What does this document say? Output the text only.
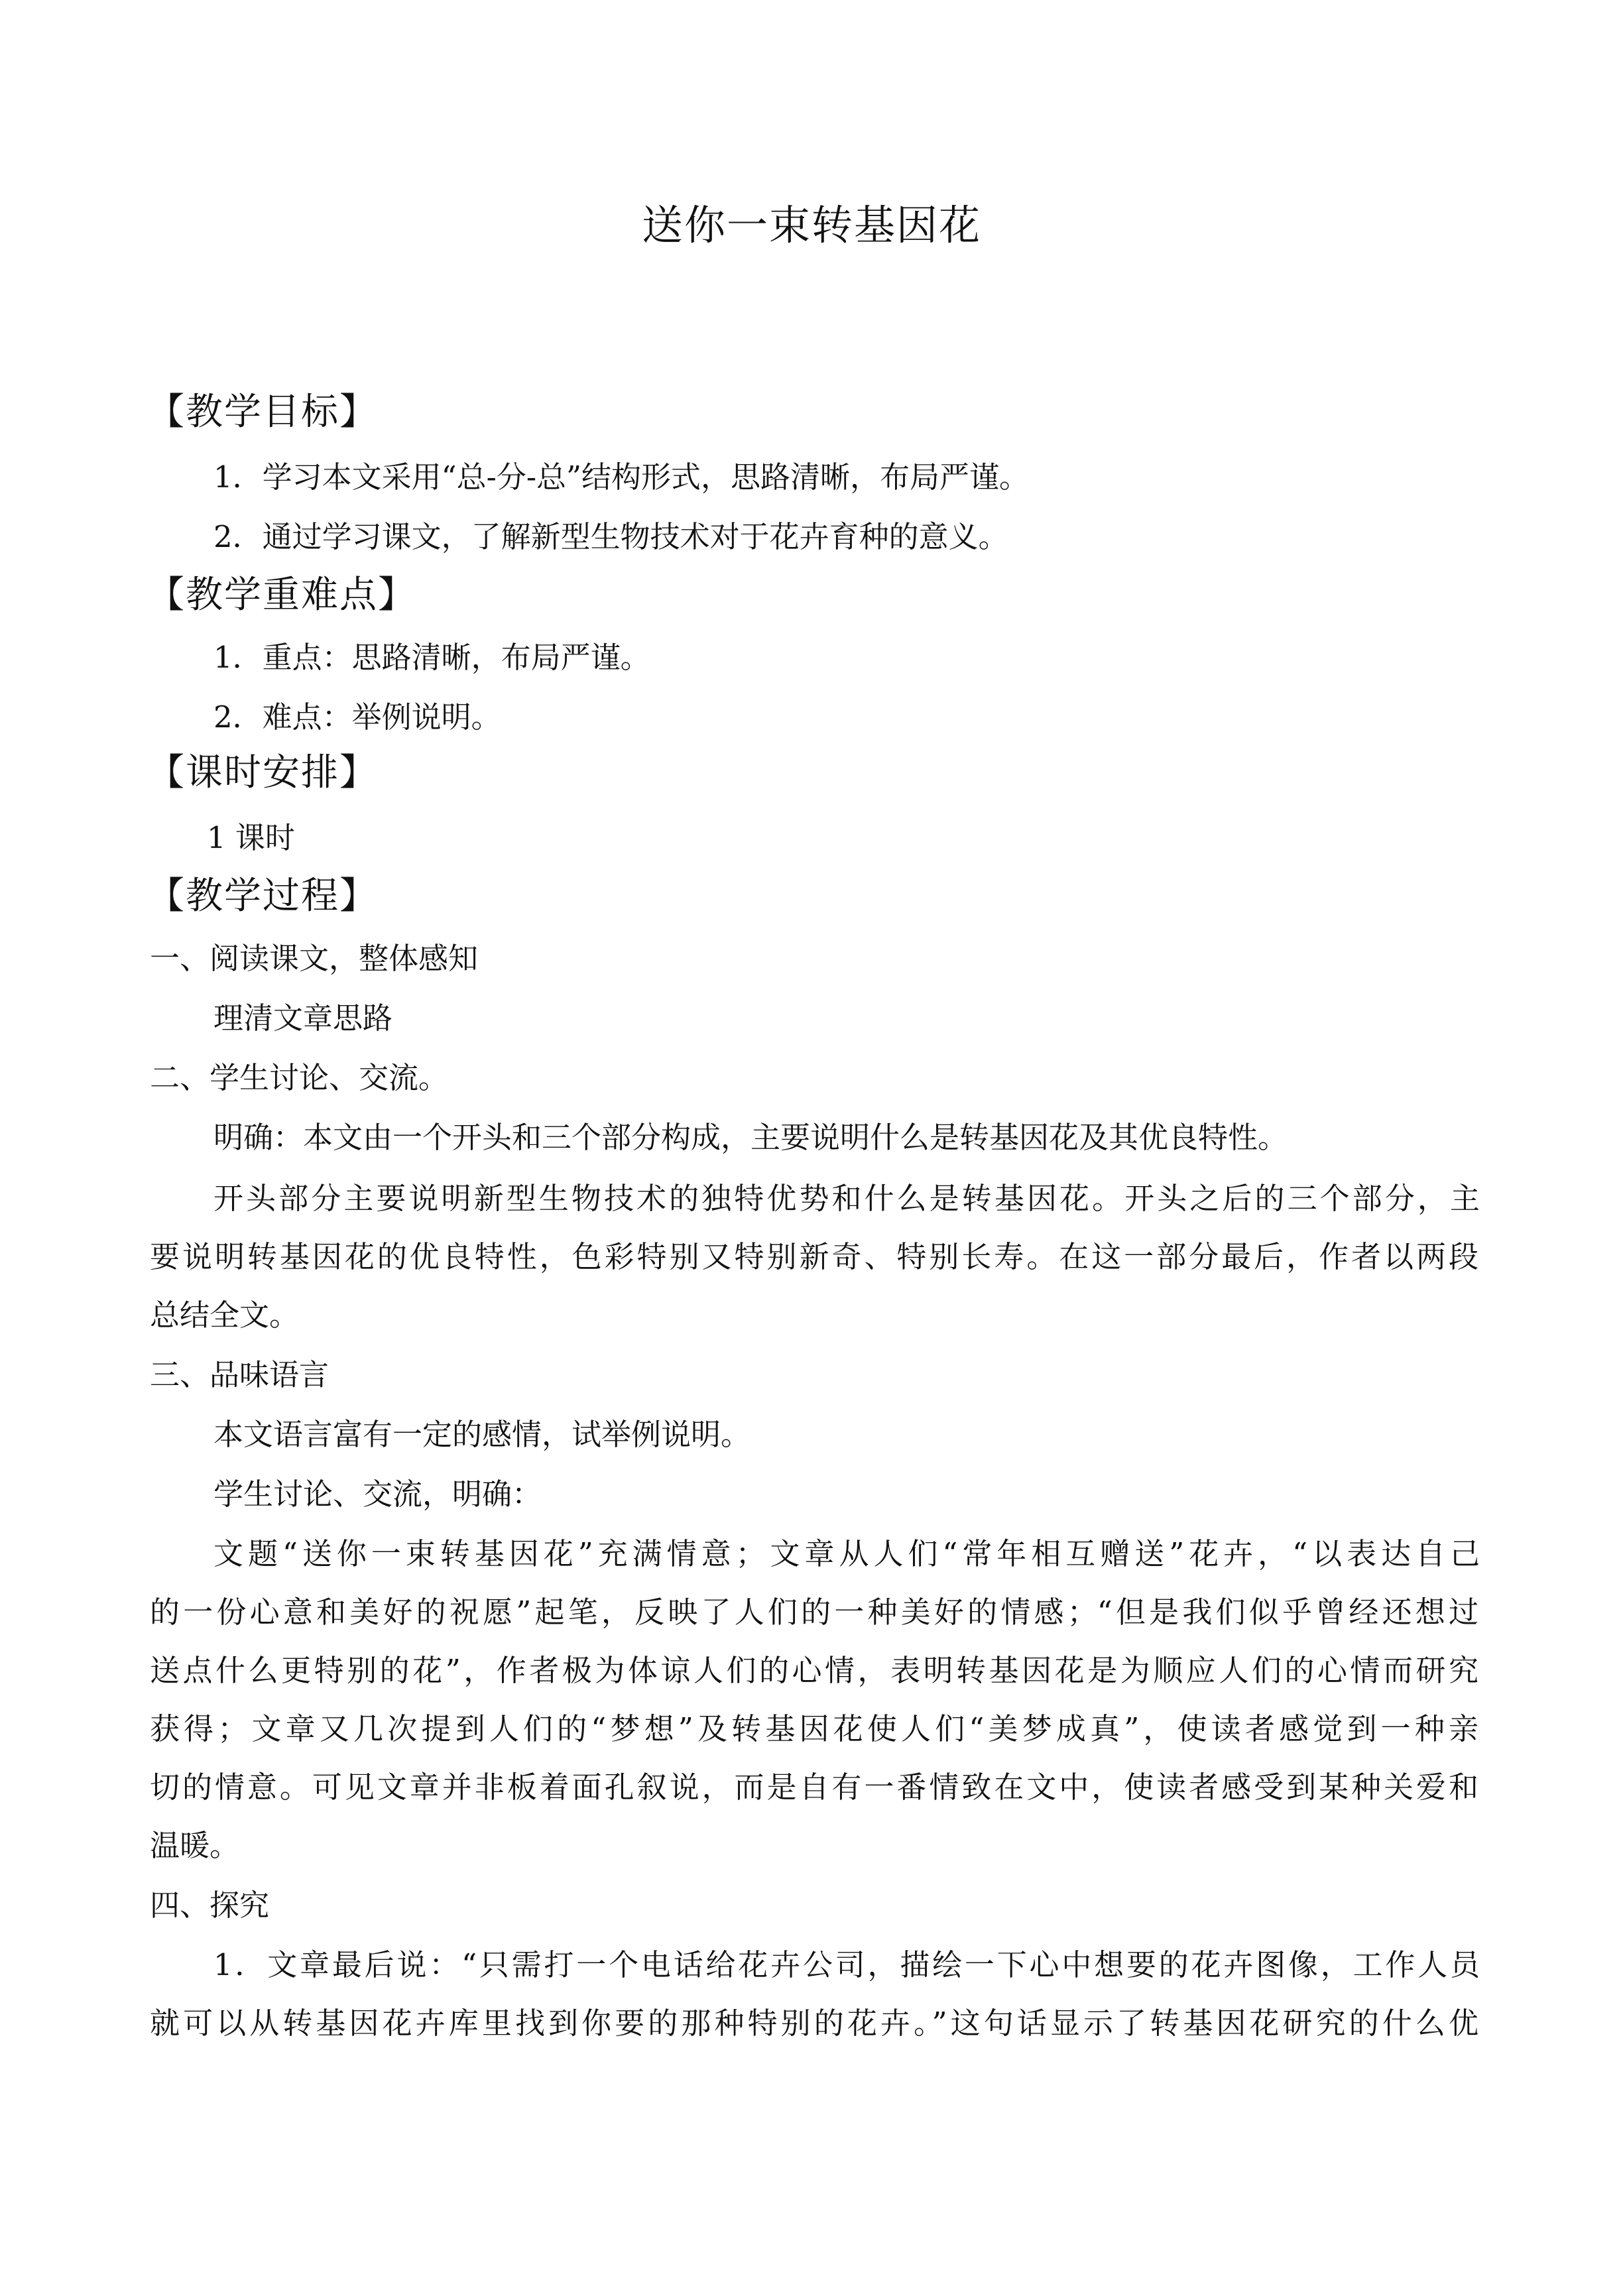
送你一束转基因花
【教学目标】
1．学习本文采用“总-分-总”结构形式，思路清晰，布局严谨。
2．通过学习课文，了解新型生物技术对于花卉育种的意义。
【教学重难点】
1．重点：思路清晰，布局严谨。
2．难点：举例说明。
【课时安排】
1 课时
【教学过程】
一、阅读课文，整体感知
理清文章思路
二、学生讨论、交流。
明确：本文由一个开头和三个部分构成，主要说明什么是转基因花及其优良特性。
开头部分主要说明新型生物技术的独特优势和什么是转基因花。开头之后的三个部分，主
要说明转基因花的优良特性，色彩特别又特别新奇、特别长寿。在这一部分最后，作者以两段
总结全文。
三、品味语言
本文语言富有一定的感情，试举例说明。
学生讨论、交流，明确：
文题“送你一束转基因花”充满情意；文章从人们“常年相互赠送”花卉，“以表达自己
的一份心意和美好的祝愿”起笔，反映了人们的一种美好的情感；“但是我们似乎曾经还想过
送点什么更特别的花”，作者极为体谅人们的心情，表明转基因花是为顺应人们的心情而研究
获得；文章又几次提到人们的“梦想”及转基因花使人们“美梦成真”，使读者感觉到一种亲
切的情意。可见文章并非板着面孔叙说，而是自有一番情致在文中，使读者感受到某种关爱和
温暖。
四、探究
1．文章最后说：“只需打一个电话给花卉公司，描绘一下心中想要的花卉图像，工作人员
就可以从转基因花卉库里找到你要的那种特别的花卉。”这句话显示了转基因花研究的什么优
